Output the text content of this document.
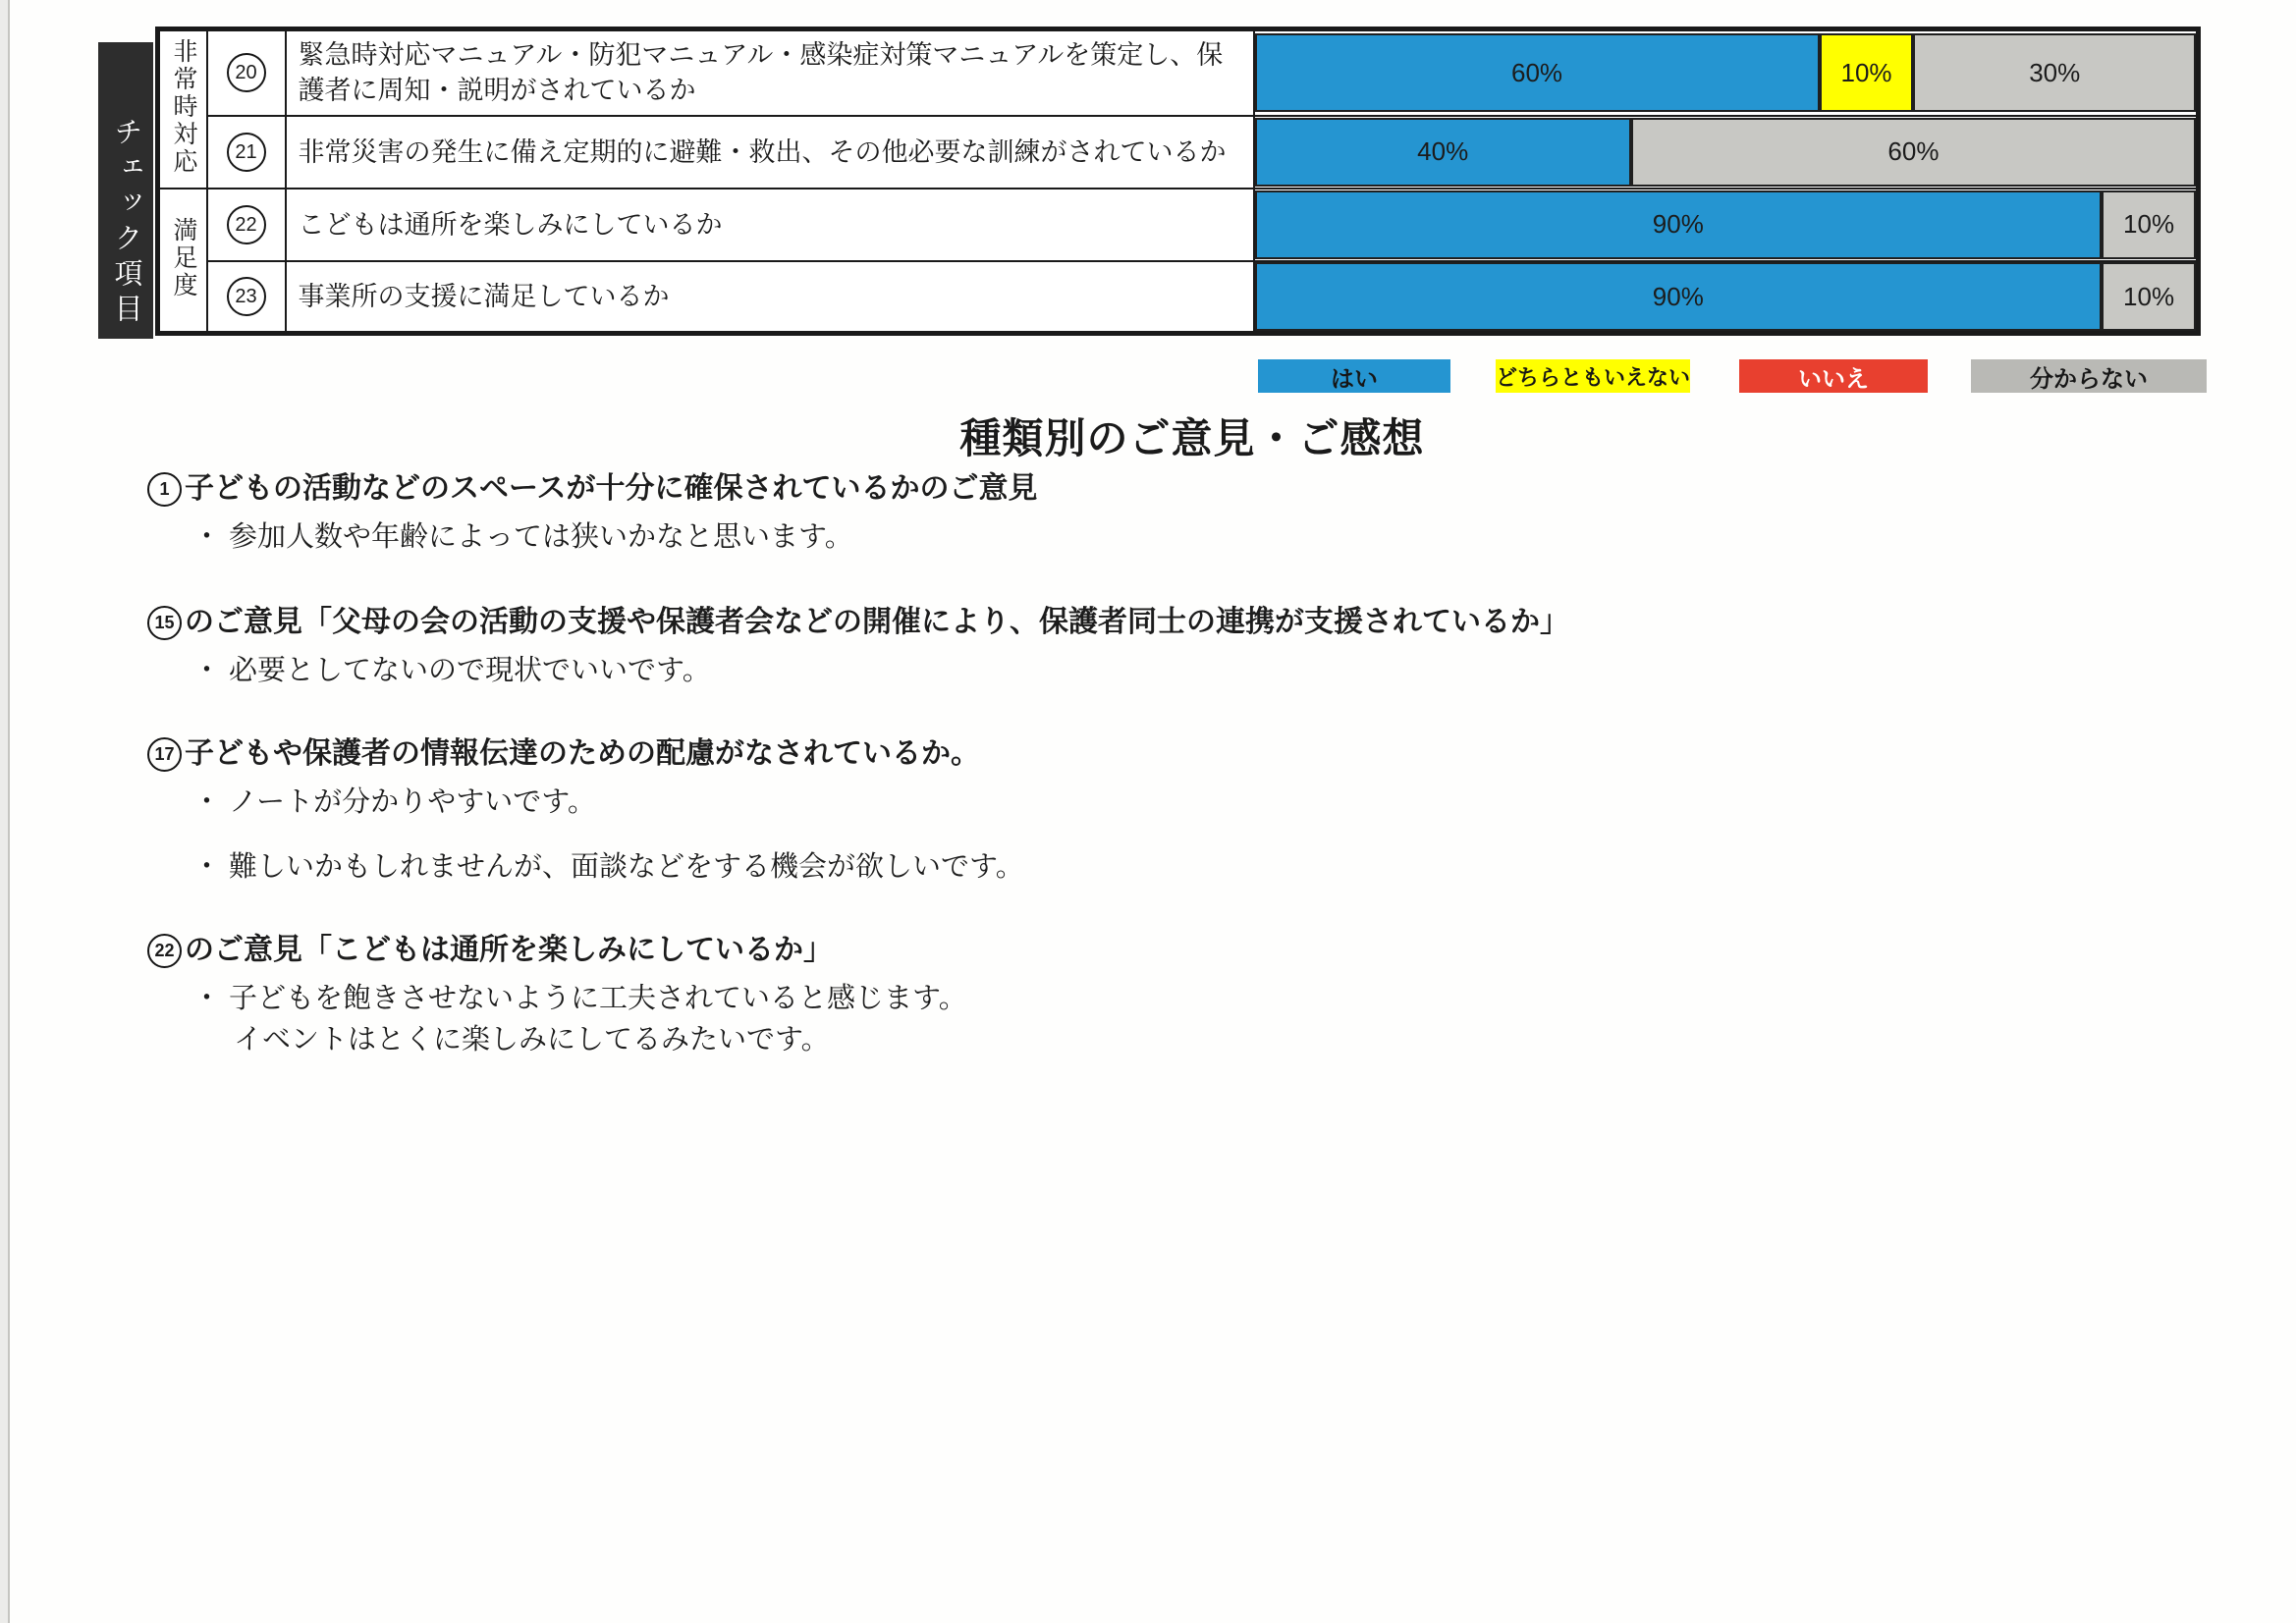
チェック項目
非常時対応	20	緊急時対応マニュアル・防犯マニュアル・感染症対策マニュアルを策定し、保護者に周知・説明がされているか	60% 10% 30%

	21	非常災害の発生に備え定期的に避難・救出、その他必要な訓練がされているか	40% 60%

満足度	22	こどもは通所を楽しみにしているか	90% 10%

	23	事業所の支援に満足しているか	90% 10%
はい	どちらともいえない	いいえ	分からない
種類別のご意見・ご感想
1 子どもの活動などのスペースが十分に確保されているかのご意見
・ 参加人数や年齢によっては狭いかなと思います。
15 のご意見「父母の会の活動の支援や保護者会などの開催により、保護者同士の連携が支援されているか」
・ 必要としてないので現状でいいです。
17 子どもや保護者の情報伝達のための配慮がなされているか。
・ ノートが分かりやすいです。
・ 難しいかもしれませんが、面談などをする機会が欲しいです。
22 のご意見「こどもは通所を楽しみにしているか」
・ 子どもを飽きさせないように工夫されていると感じます。
イベントはとくに楽しみにしてるみたいです。
